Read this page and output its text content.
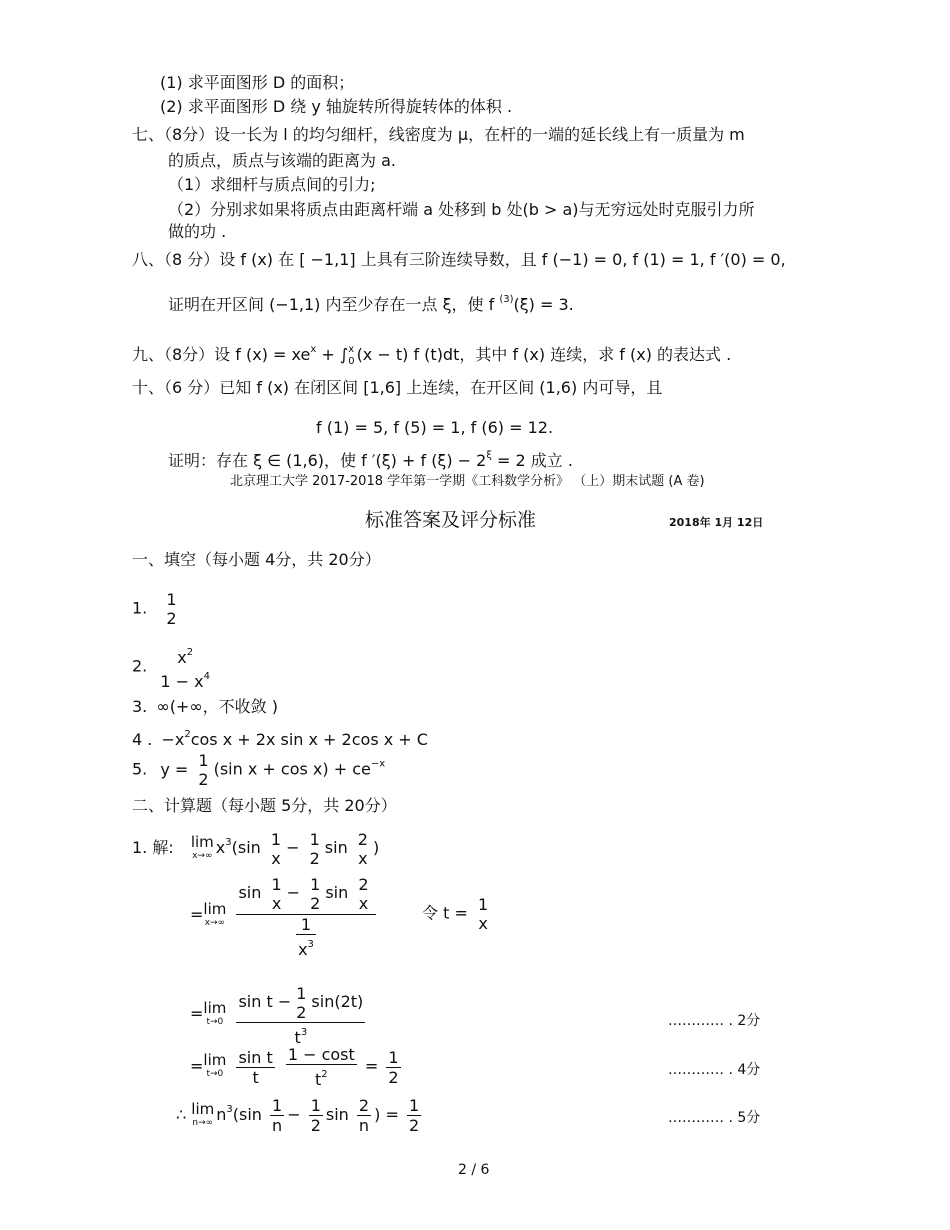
(1) 求平面图形 D 的面积；
(2) 求平面图形 D 绕 y 轴旋转所得旋转体的体积 .
七、（8分）设一长为 l 的均匀细杆，线密度为 μ，在杆的一端的延长线上有一质量为 m
的质点，质点与该端的距离为 a.
（1）求细杆与质点间的引力;
（2）分别求如果将质点由距离杆端 a 处移到 b 处(b > a)与无穷远处时克服引力所
做的功 .
八、（8 分）设 f (x) 在 [ −1,1] 上具有三阶连续导数，且 f (−1) = 0, f (1) = 1, f ′(0) = 0,
证明在开区间 (−1,1) 内至少存在一点 ξ，使 f $^{(3)}$(ξ) = 3.
九、（8分）设 f $(x) = xe^x$ + ∫ x
0 (x − t) f (t)dt，其中 f (x) 连续，求 f (x) 的表达式 .
十、（6 分）已知 f (x) 在闭区间 [1,6] 上连续，在开区间 (1,6) 内可导，且
f (1) = 5, f (5) = 1, f (6) = 12.
证明：存在 ξ ∈ (1,6)，使 f ′(ξ) + f $(\xi) - 2^\xi = 2$ 成立 .
北京理工大学 2017-2018 学年第一学期《工科数学分析》 （上）期末试题 (A 卷)
标准答案及评分标准	2018年 1月 12日
一、填空（每小题 4分，共 20分）
1. 1
2
2.	$x^2$
$1 - x^4$
3. ∞(+∞，不收敛 )
4 . $-x^2\cos$ x + 2x sin x + 2cos x + C
5. y = 1
2
(sin $x + \cos x) + ce^{-x}$
二、计算题（每小题 5分，共 20分）
1. 解: lim
x→∞ $x^3(\sin$ 1
x
− 1
2
sin 2
x
)
= lim
x→∞
sin 1
x
− 1
2
sin 2
x
$\frac{1}{x^3}$	令 t = 1
x
= lim
t→0
sin t − 1
2
sin(2t)
$t^3$	………… . 2分
= lim
t→0
$\frac{\text{sin t}}{t}$
$\frac{1 - \cos t}{t^2} = \frac{1}{2}$	………… . 4分
∴ lim
n→∞ $n^3(\sin \frac{1}{n} - \frac{1}{2}$ $\sin \frac{2}{n}$ ) = $\frac{1}{2}$	………… . 5分
2 / 6
